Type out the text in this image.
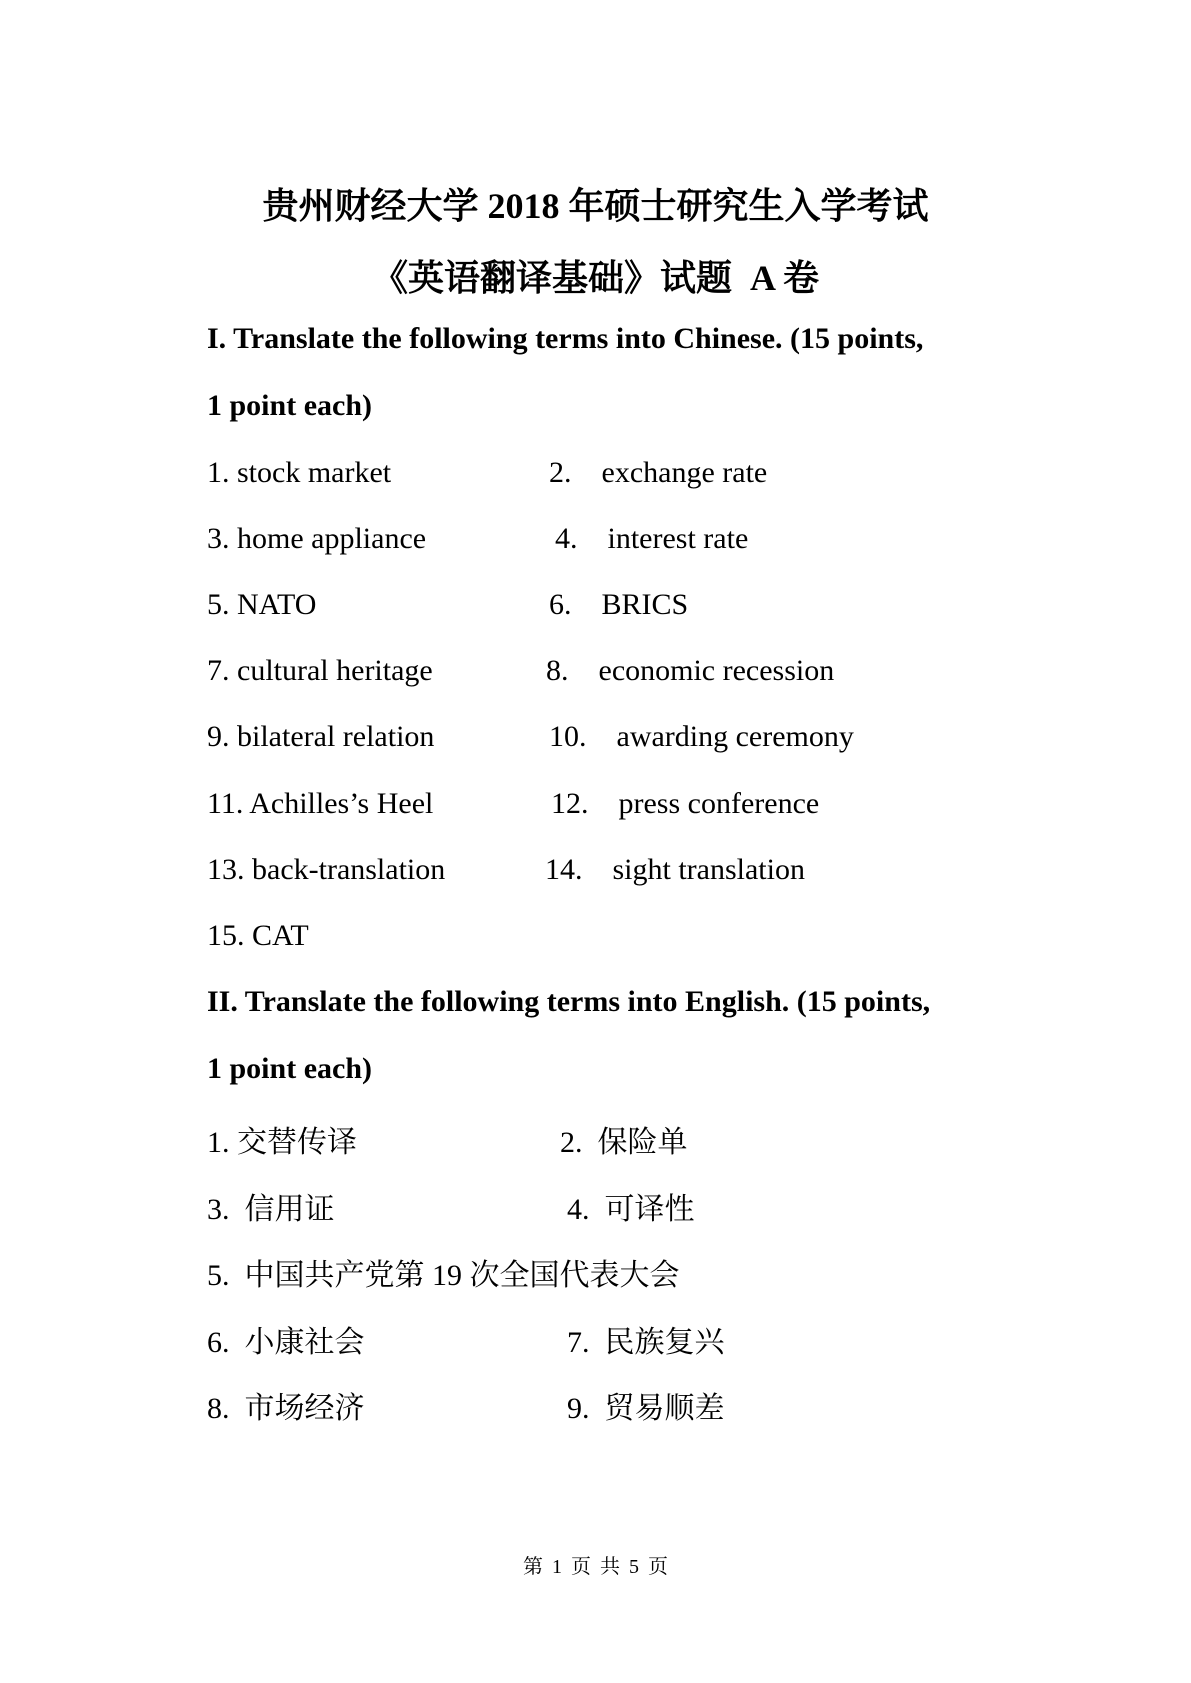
贵州财经大学 2018 年硕士研究生入学考试
《英语翻译基础》试题  A 卷
I. Translate the following terms into Chinese. (15 points,
1 point each)
1. stock market	2.    exchange rate
3. home appliance	4.    interest rate
5. NATO	6.    BRICS
7. cultural heritage	8.    economic recession
9. bilateral relation	10.    awarding ceremony
11. Achilles’s Heel	12.    press conference
13. back-translation	14.    sight translation
15. CAT
II. Translate the following terms into English. (15 points,
1 point each)
1. 交替传译	2.  保险单
3.  信用证	4.  可译性
5.  中国共产党第 19 次全国代表大会
6.  小康社会	7.  民族复兴
8.  市场经济	9.  贸易顺差
第 1 页 共 5 页
